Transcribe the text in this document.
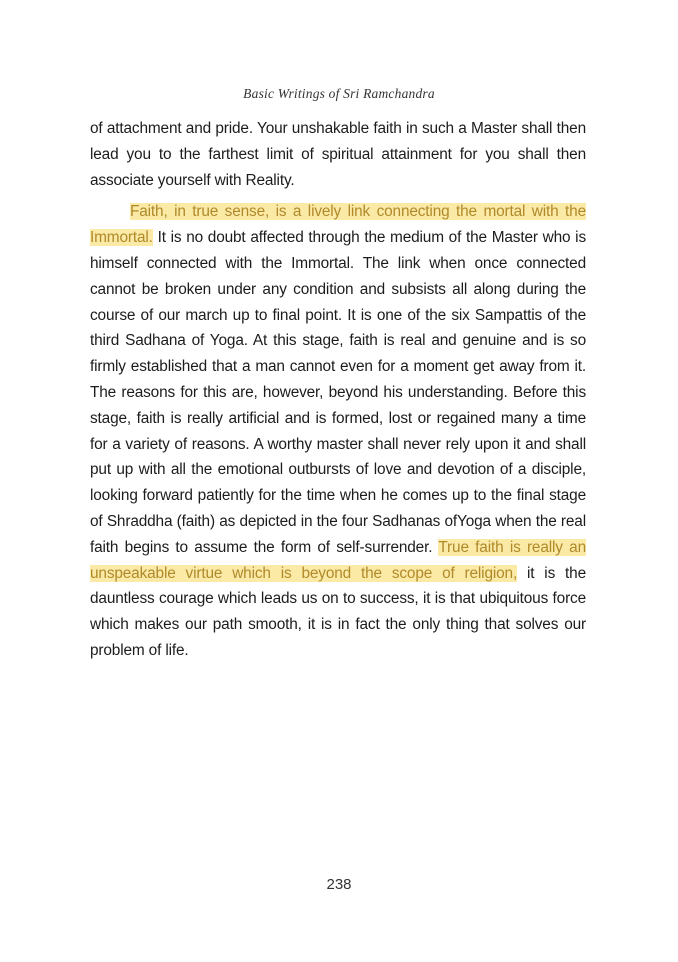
Basic Writings of Sri Ramchandra

of attachment and pride. Your unshakable faith in such a Master shall then lead you to the farthest limit of spiritual attainment for you shall then associate yourself with Reality.

Faith, in true sense, is a lively link connecting the mortal with the Immortal. It is no doubt affected through the medium of the Master who is himself connected with the Immortal. The link when once connected cannot be broken under any condition and subsists all along during the course of our march up to final point. It is one of the six Sampattis of the third Sadhana of Yoga. At this stage, faith is real and genuine and is so firmly established that a man cannot even for a moment get away from it. The reasons for this are, however, beyond his understanding. Before this stage, faith is really artificial and is formed, lost or regained many a time for a variety of reasons. A worthy master shall never rely upon it and shall put up with all the emotional outbursts of love and devotion of a disciple, looking forward patiently for the time when he comes up to the final stage of Shraddha (faith) as depicted in the four Sadhanas ofYoga when the real faith begins to assume the form of self-surrender. True faith is really an unspeakable virtue which is beyond the scope of religion, it is the dauntless courage which leads us on to success, it is that ubiquitous force which makes our path smooth, it is in fact the only thing that solves our problem of life.

238
